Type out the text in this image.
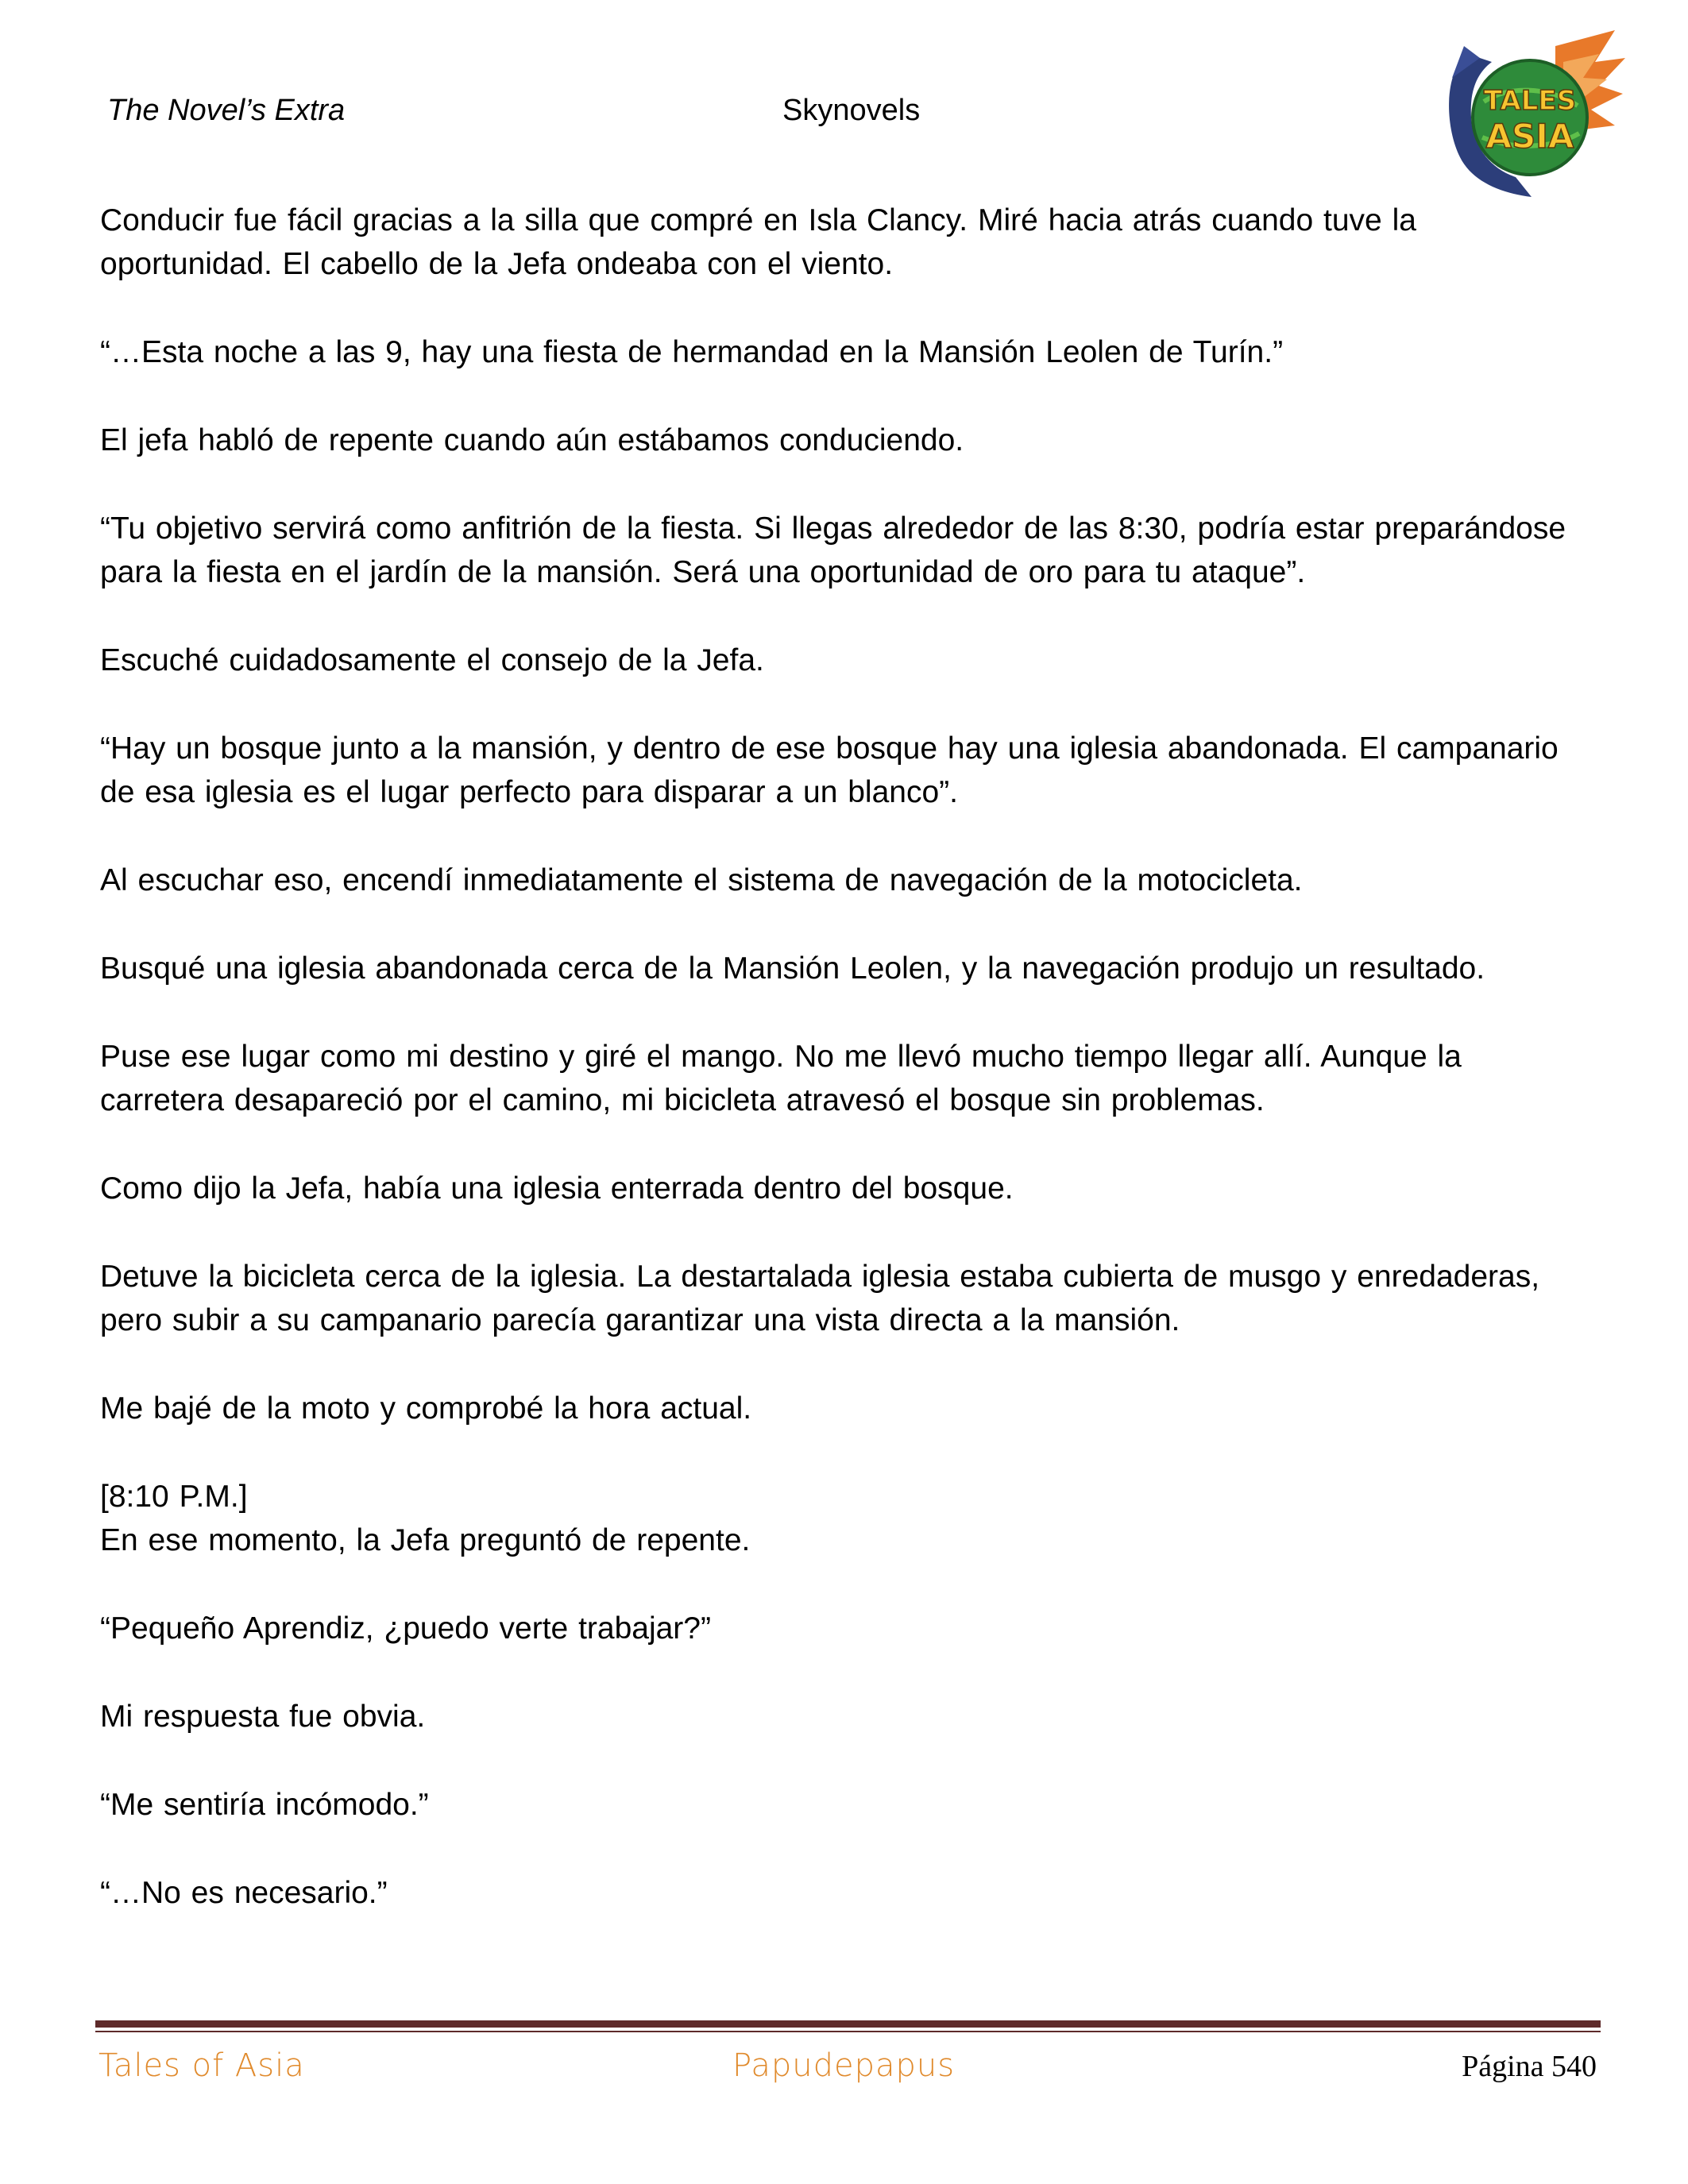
The Novel’s Extra	Skynovels	TALES
ASIA

Conducir fue fácil gracias a la silla que compré en Isla Clancy. Miré hacia atrás cuando tuve la oportunidad. El cabello de la Jefa ondeaba con el viento.

“…Esta noche a las 9, hay una fiesta de hermandad en la Mansión Leolen de Turín.”

El jefa habló de repente cuando aún estábamos conduciendo.

“Tu objetivo servirá como anfitrión de la fiesta. Si llegas alrededor de las 8:30, podría estar preparándose para la fiesta en el jardín de la mansión. Será una oportunidad de oro para tu ataque”.

Escuché cuidadosamente el consejo de la Jefa.

“Hay un bosque junto a la mansión, y dentro de ese bosque hay una iglesia abandonada. El campanario de esa iglesia es el lugar perfecto para disparar a un blanco”.

Al escuchar eso, encendí inmediatamente el sistema de navegación de la motocicleta.

Busqué una iglesia abandonada cerca de la Mansión Leolen, y la navegación produjo un resultado.

Puse ese lugar como mi destino y giré el mango. No me llevó mucho tiempo llegar allí. Aunque la carretera desapareció por el camino, mi bicicleta atravesó el bosque sin problemas.

Como dijo la Jefa, había una iglesia enterrada dentro del bosque.

Detuve la bicicleta cerca de la iglesia. La destartalada iglesia estaba cubierta de musgo y enredaderas, pero subir a su campanario parecía garantizar una vista directa a la mansión.

Me bajé de la moto y comprobé la hora actual.

[8:10 P.M.]

En ese momento, la Jefa preguntó de repente.

“Pequeño Aprendiz, ¿puedo verte trabajar?”

Mi respuesta fue obvia.

“Me sentiría incómodo.”

“…No es necesario.”

Tales of Asia	Papudepapus	Página 540
